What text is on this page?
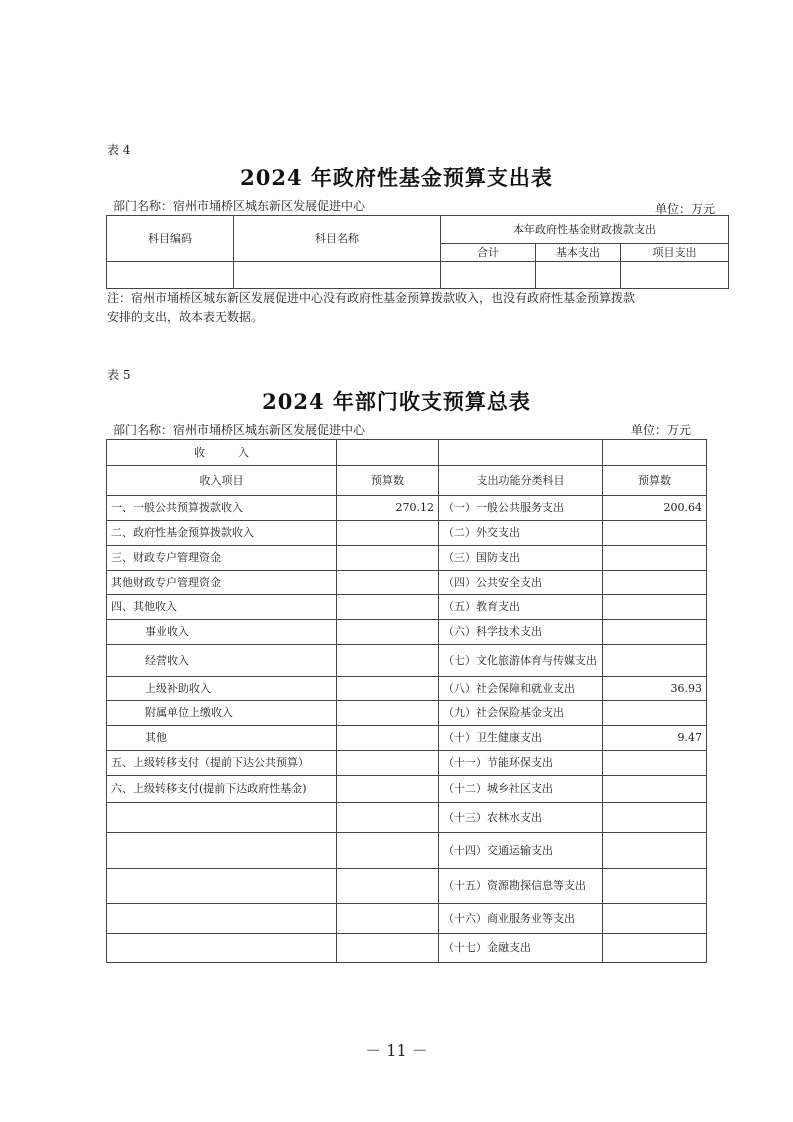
表 4
2024 年政府性基金预算支出表
部门名称：宿州市埇桥区城东新区发展促进中心	单位：万元
科目编码	科目名称	本年政府性基金财政拨款支出		
		合计	基本支出	项目支出

注：宿州市埇桥区城东新区发展促进中心没有政府性基金预算拨款收入，也没有政府性基金预算拨款
安排的支出，故本表无数据。
表 5
2024 年部门收支预算总表
部门名称：宿州市埇桥区城东新区发展促进中心	单位：万元
收　　　入			
收入项目	预算数	支出功能分类科目	预算数
一、一般公共预算拨款收入	270.12	（一）一般公共服务支出	200.64
二、政府性基金预算拨款收入		（二）外交支出	
三、财政专户管理资金		（三）国防支出	
其他财政专户管理资金		（四）公共安全支出	
四、其他收入		（五）教育支出	
事业收入		（六）科学技术支出	
经营收入		（七）文化旅游体育与传媒支出	
上级补助收入		（八）社会保障和就业支出	36.93
附属单位上缴收入		（九）社会保险基金支出	
其他		（十）卫生健康支出	9.47
五、上级转移支付（提前下达公共预算）		（十一）节能环保支出	
六、上级转移支付(提前下达政府性基金)		（十二）城乡社区支出	
		（十三）农林水支出	
		（十四）交通运输支出	
		（十五）资源勘探信息等支出	
		（十六）商业服务业等支出	
		（十七）金融支出	
－ 11 －
